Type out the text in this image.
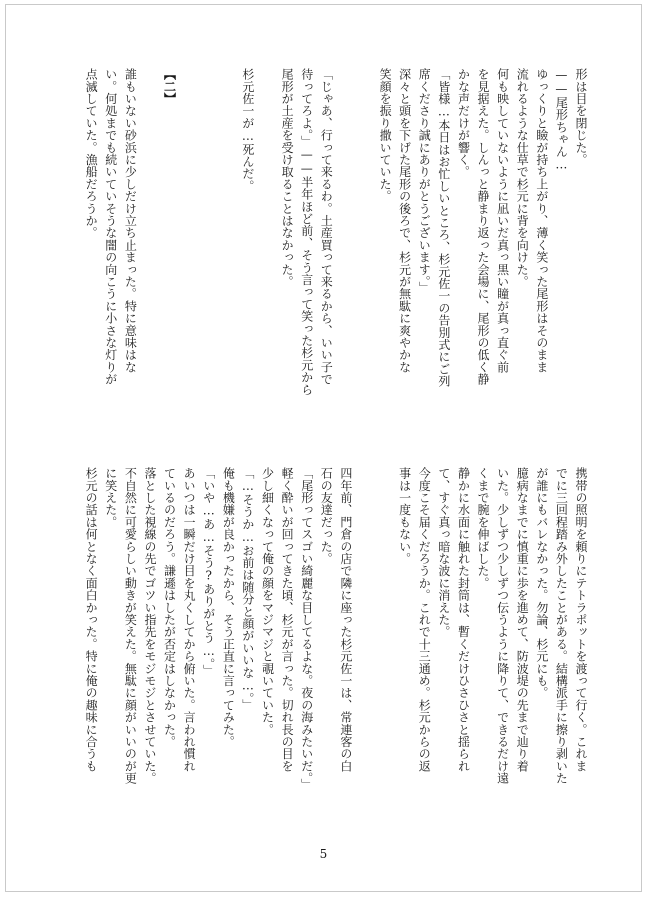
形は目を閉じた。
——尾形ちゃん…
ゆっくりと瞼が持ち上がり、薄く笑った尾形はそのまま
流れるような仕草で杉元に背を向けた。
何も映していないように凪いだ真っ黒い瞳が真っ直ぐ前
を見据えた。しんっと静まり返った会場に、尾形の低く静
かな声だけが響く。
「皆様…本日はお忙しいところ、杉元佐一の告別式にご列
席くださり誠にありがとうございます。」
深々と頭を下げた尾形の後ろで、杉元が無駄に爽やかな
笑顔を振り撒いていた。
「じゃあ、行って来るわ。土産買って来るから、いい子で
待ってろよ。」——半年ほど前、そう言って笑った杉元から
尾形が土産を受け取ることはなかった。
杉元佐一が…死んだ。
【二】
誰もいない砂浜に少しだけ立ち止まった。特に意味はな
い。何処までも続いていそうな闇の向こうに小さな灯りが
点滅していた。漁船だろうか。
携帯の照明を頼りにテトラポットを渡って行く。これま
でに三回程踏み外したことがある。結構派手に擦り剥いた
が誰にもバレなかった。勿論、杉元にも。
臆病なまでに慎重に歩を進めて、防波堤の先まで辿り着
いた。少しずつ少しずつ伝うように降りて、できるだけ遠
くまで腕を伸ばした。
静かに水面に触れた封筒は、暫くだけひさひさと揺られ
て、すぐ真っ暗な波に消えた。
今度こそ届くだろうか。これで十三通め。杉元からの返
事は一度もない。
四年前、門倉の店で隣に座った杉元佐一は、常連客の白
石の友達だった。
「尾形ってスゴい綺麗な目してるよな。夜の海みたいだ。」
軽く酔いが回ってきた頃、杉元が言った。切れ長の目を
少し細くなって俺の顔をマジマジと覗いていた。
「…そうか…お前は随分と顔がいいな…。」
俺も機嫌が良かったから、そう正直に言ってみた。
「いや…あ…そう?ありがとう…。」
あいつは一瞬だけ目を丸くしてから俯いた。言われ慣れ
ているのだろう。謙遜はしたが否定はしなかった。
落とした視線の先でゴツい指先をモジモジとさせていた。
不自然に可愛らしい動きが笑えた。無駄に顔がいいのが更
に笑えた。
杉元の話は何となく面白かった。特に俺の趣味に合うも
5
